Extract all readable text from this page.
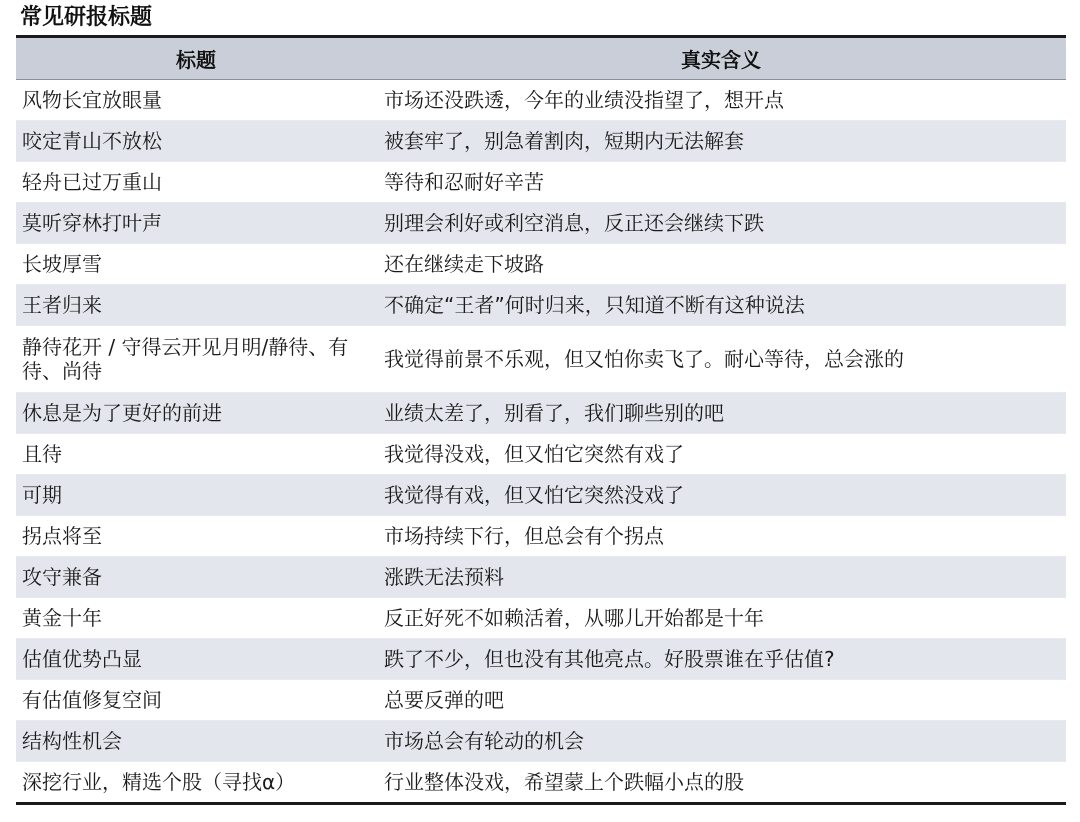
常见研报标题
标题	真实含义
风物长宜放眼量	市场还没跌透，今年的业绩没指望了，想开点
咬定青山不放松	被套牢了，别急着割肉，短期内无法解套
轻舟已过万重山	等待和忍耐好辛苦
莫听穿林打叶声	别理会利好或利空消息，反正还会继续下跌
长坡厚雪	还在继续走下坡路
王者归来	不确定“王者”何时归来，只知道不断有这种说法
静待花开 / 守得云开见月明/静待、有待、尚待	我觉得前景不乐观，但又怕你卖飞了。耐心等待，总会涨的
休息是为了更好的前进	业绩太差了，别看了，我们聊些别的吧
且待	我觉得没戏，但又怕它突然有戏了
可期	我觉得有戏，但又怕它突然没戏了
拐点将至	市场持续下行，但总会有个拐点
攻守兼备	涨跌无法预料
黄金十年	反正好死不如赖活着，从哪儿开始都是十年
估值优势凸显	跌了不少，但也没有其他亮点。好股票谁在乎估值?
有估值修复空间	总要反弹的吧
结构性机会	市场总会有轮动的机会
深挖行业，精选个股（寻找α）	行业整体没戏，希望蒙上个跌幅小点的股
